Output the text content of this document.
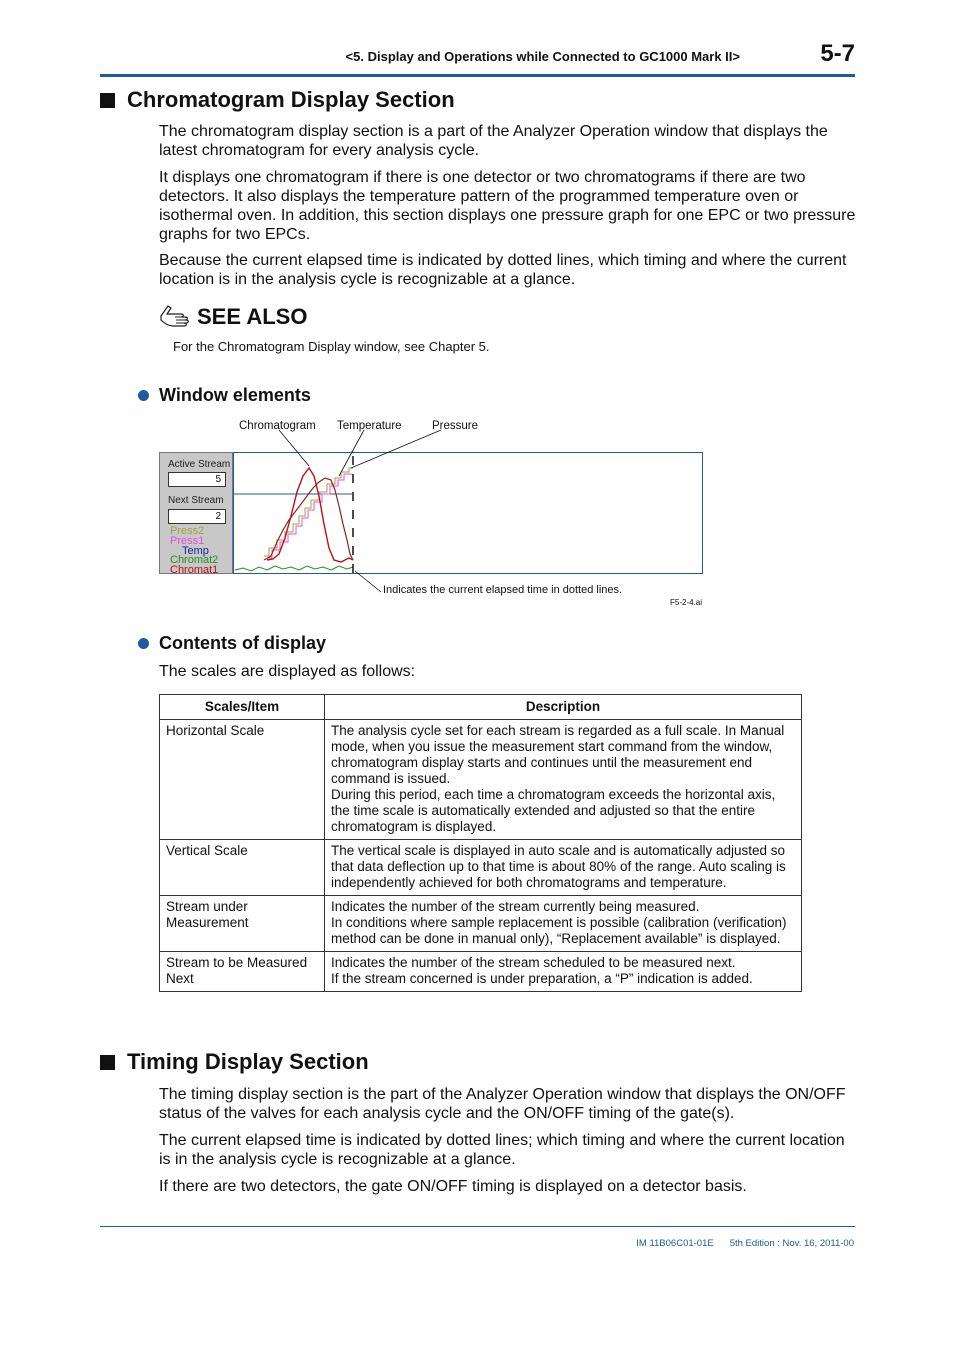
<5. Display and Operations while Connected to GC1000 Mark II>	5-7
Chromatogram Display Section

The chromatogram display section is a part of the Analyzer Operation window that displays the latest chromatogram for every analysis cycle.

It displays one chromatogram if there is one detector or two chromatograms if there are two detectors. It also displays the temperature pattern of the programmed temperature oven or isothermal oven. In addition, this section displays one pressure graph for one EPC or two pressure graphs for two EPCs.

Because the current elapsed time is indicated by dotted lines, which timing and where the current location is in the analysis cycle is recognizable at a glance.

SEE ALSO
For the Chromatogram Display window, see Chapter 5.
Window elements
Chromatogram Temperature	Pressure
Active Stream
5
Next Stream
2
Press2
Press1
Temp
Chromat2
Chromat1
Indicates the current elapsed time in dotted lines.
F5-2-4.ai
Contents of display
The scales are displayed as follows:
Scales/Item	Description
Horizontal Scale	The analysis cycle set for each stream is regarded as a full scale. In Manual mode, when you issue the measurement start command from the window, chromatogram display starts and continues until the measurement end command is issued.
During this period, each time a chromatogram exceeds the horizontal axis, the time scale is automatically extended and adjusted so that the entire chromatogram is displayed.
Vertical Scale	The vertical scale is displayed in auto scale and is automatically adjusted so that data deflection up to that time is about 80% of the range. Auto scaling is independently achieved for both chromatograms and temperature.
Stream under Measurement	Indicates the number of the stream currently being measured.
In conditions where sample replacement is possible (calibration (verification) method can be done in manual only), “Replacement available” is displayed.
Stream to be Measured Next	Indicates the number of the stream scheduled to be measured next.
If the stream concerned is under preparation, a “P” indication is added.
Timing Display Section

The timing display section is the part of the Analyzer Operation window that displays the ON/OFF status of the valves for each analysis cycle and the ON/OFF timing of the gate(s).

The current elapsed time is indicated by dotted lines; which timing and where the current location is in the analysis cycle is recognizable at a glance.

If there are two detectors, the gate ON/OFF timing is displayed on a detector basis.

IM 11B06C01-01E 5th Edition : Nov. 16, 2011-00
